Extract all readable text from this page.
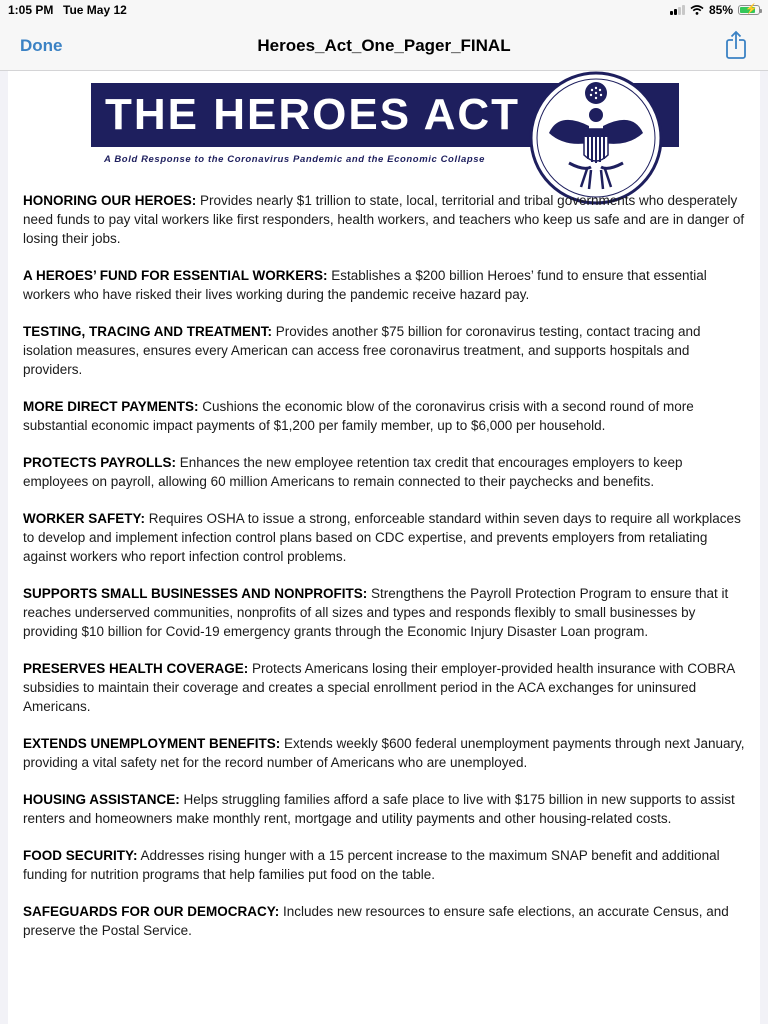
1:05 PM Tue May 12	85% ⚡
Done	Heroes_Act_One_Pager_FINAL
THE HEROES ACT
A Bold Response to the Coronavirus Pandemic and the Economic Collapse

HONORING OUR HEROES: Provides nearly $1 trillion to state, local, territorial and tribal governments who desperately need funds to pay vital workers like first responders, health workers, and teachers who keep us safe and are in danger of losing their jobs.

A HEROES’ FUND FOR ESSENTIAL WORKERS: Establishes a $200 billion Heroes’ fund to ensure that essential workers who have risked their lives working during the pandemic receive hazard pay.

TESTING, TRACING AND TREATMENT: Provides another $75 billion for coronavirus testing, contact tracing and isolation measures, ensures every American can access free coronavirus treatment, and supports hospitals and providers.

MORE DIRECT PAYMENTS: Cushions the economic blow of the coronavirus crisis with a second round of more substantial economic impact payments of $1,200 per family member, up to $6,000 per household.

PROTECTS PAYROLLS: Enhances the new employee retention tax credit that encourages employers to keep employees on payroll, allowing 60 million Americans to remain connected to their paychecks and benefits.

WORKER SAFETY: Requires OSHA to issue a strong, enforceable standard within seven days to require all workplaces to develop and implement infection control plans based on CDC expertise, and prevents employers from retaliating against workers who report infection control problems.

SUPPORTS SMALL BUSINESSES AND NONPROFITS: Strengthens the Payroll Protection Program to ensure that it reaches underserved communities, nonprofits of all sizes and types and responds flexibly to small businesses by providing $10 billion for Covid-19 emergency grants through the Economic Injury Disaster Loan program.

PRESERVES HEALTH COVERAGE: Protects Americans losing their employer-provided health insurance with COBRA subsidies to maintain their coverage and creates a special enrollment period in the ACA exchanges for uninsured Americans.

EXTENDS UNEMPLOYMENT BENEFITS: Extends weekly $600 federal unemployment payments through next January, providing a vital safety net for the record number of Americans who are unemployed.

HOUSING ASSISTANCE: Helps struggling families afford a safe place to live with $175 billion in new supports to assist renters and homeowners make monthly rent, mortgage and utility payments and other housing-related costs.

FOOD SECURITY: Addresses rising hunger with a 15 percent increase to the maximum SNAP benefit and additional funding for nutrition programs that help families put food on the table.

SAFEGUARDS FOR OUR DEMOCRACY: Includes new resources to ensure safe elections, an accurate Census, and preserve the Postal Service.
